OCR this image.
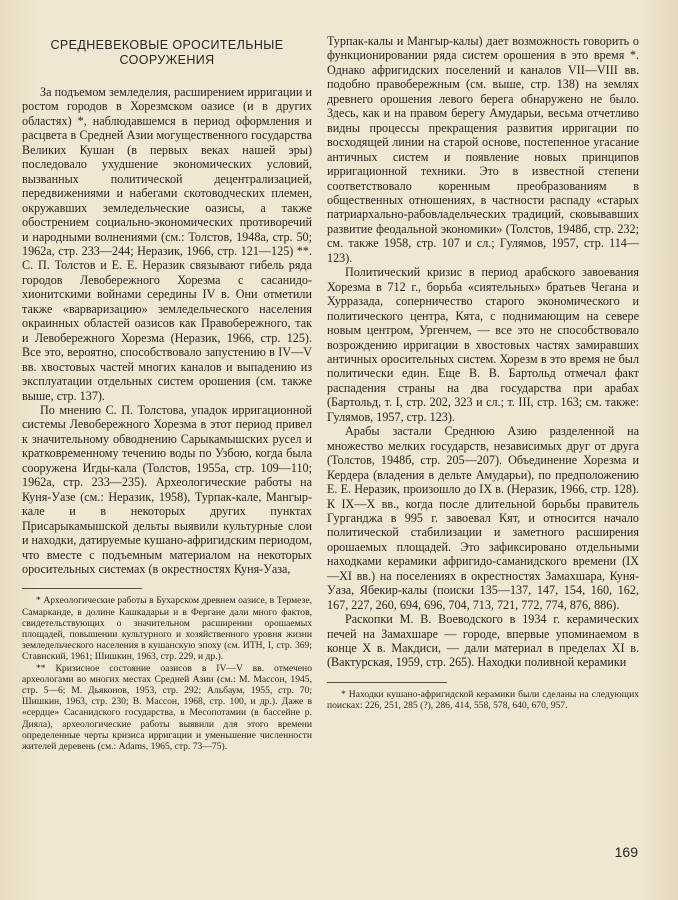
СРЕДНЕВЕКОВЫЕ ОРОСИТЕЛЬНЫЕ
СООРУЖЕНИЯ

За подъемом земледелия, расширением ирригации и ростом городов в Хорезмском оазисе (и в других областях) *, наблюдавшемся в период оформления и расцвета в Средней Азии могущественного государства Великих Кушан (в первых веках нашей эры) последовало ухудшение экономических условий, вызванных политической децентрализацией, передвижениями и набегами скотоводческих племен, окружавших земледельческие оазисы, а также обострением социально-экономических противоречий и народными волнениями (см.: Толстов, 1948а, стр. 50; 1962а, стр. 233—244; Неразик, 1966, стр. 121—125) **. С. П. Толстов и Е. Е. Неразик связывают гибель ряда городов Левобережного Хорезма с сасанидо-хионитскими войнами середины IV в. Они отметили также «варваризацию» земледельческого населения окраинных областей оазисов как Правобережного, так и Левобережного Хорезма (Неразик, 1966, стр. 125). Все это, вероятно, способствовало запустению в IV—V вв. хвостовых частей многих каналов и выпадению из эксплуатации отдельных систем орошения (см. также выше, стр. 137).

По мнению С. П. Толстова, упадок ирригационной системы Левобережного Хорезма в этот период привел к значительному обводнению Сарыкамышских русел и кратковременному течению воды по Узбою, когда была сооружена Игды-кала (Толстов, 1955а, стр. 109—110; 1962а, стр. 233—235). Археологические работы на Куня-Уазе (см.: Неразик, 1958), Турпак-кале, Мангыр-кале и в некоторых других пунктах Присарыкамышской дельты выявили культурные слои и находки, датируемые кушано-афригидским периодом, что вместе с подъемным материалом на некоторых оросительных системах (в окрестностях Куня-Уаза,

* Археологические работы в Бухарском древнем оазисе, в Термезе, Самарканде, в долине Кашкадарьи и в Фергане дали много фактов, свидетельствующих о значительном расширении орошаемых площадей, повышении культурного и хозяйственного уровня жизни земледельческого населения в кушанскую эпоху (см. ИТН, I, стр. 369; Ставиский, 1961; Шишкин, 1963, стр. 229, и др.).

** Кризисное состояние оазисов в IV—V вв. отмечено археологами во многих местах Средней Азии (см.: М. Массон, 1945, стр. 5—6; М. Дьяконов, 1953, стр. 292; Альбаум, 1955, стр. 70; Шишкин, 1963, стр. 230; В. Массон, 1968, стр. 100, и др.). Даже в «сердце» Сасанидского государства, в Месопотамии (в бассейне р. Дияла), археологические работы выявили для этого времени определенные черты кризиса ирригации и уменьшение численности жителей деревень (см.: Adams, 1965, стр. 73—75).

Турпак-калы и Мангыр-калы) дает возможность говорить о функционировании ряда систем орошения в это время *. Однако афригидских поселений и каналов VII—VIII вв. подобно правобережным (см. выше, стр. 138) на землях древнего орошения левого берега обнаружено не было. Здесь, как и на правом берегу Амударьи, весьма отчетливо видны процессы прекращения развития ирригации по восходящей линии на старой основе, постепенное угасание античных систем и появление новых принципов ирригационной техники. Это в известной степени соответствовало коренным преобразованиям в общественных отношениях, в частности распаду «старых патриархально-рабовладельческих традиций, сковывавших развитие феодальной экономики» (Толстов, 1948б, стр. 232; см. также 1958, стр. 107 и сл.; Гулямов, 1957, стр. 114—123).

Политический кризис в период арабского завоевания Хорезма в 712 г., борьба «сиятельных» братьев Чегана и Хурразада, соперничество старого экономического и политического центра, Кята, с поднимающим на севере новым центром, Ургенчем, — все это не способствовало возрождению ирригации в хвостовых частях замиравших античных оросительных систем. Хорезм в это время не был политически един. Еще В. В. Бартольд отмечал факт распадения страны на два государства при арабах (Бартольд, т. I, стр. 202, 323 и сл.; т. III, стр. 163; см. также: Гулямов, 1957, стр. 123).

Арабы застали Среднюю Азию разделенной на множество мелких государств, независимых друг от друга (Толстов, 1948б, стр. 205—207). Объединение Хорезма и Кердера (владения в дельте Амударьи), по предположению Е. Е. Неразик, произошло до IX в. (Неразик, 1966, стр. 128). К IX—X вв., когда после длительной борьбы правитель Гурганджа в 995 г. завоевал Кят, и относится начало политической стабилизации и заметного расширения орошаемых площадей. Это зафиксировано отдельными находками керамики афригидо-саманидского времени (IX—XI вв.) на поселениях в окрестностях Замахшара, Куня-Уаза, Ябекир-калы (поиски 135—137, 147, 154, 160, 162, 167, 227, 260, 694, 696, 704, 713, 721, 772, 774, 876, 886).

Раскопки М. В. Воеводского в 1934 г. керамических печей на Замахшаре — городе, впервые упоминаемом в конце X в. Макдиси, — дали материал в пределах XI в. (Вактурская, 1959, стр. 265). Находки поливной керамики

* Находки кушано-афригидской керамики были сделаны на следующих поисках: 226, 251, 285 (?), 286, 414, 558, 578, 640, 670, 957.

169
